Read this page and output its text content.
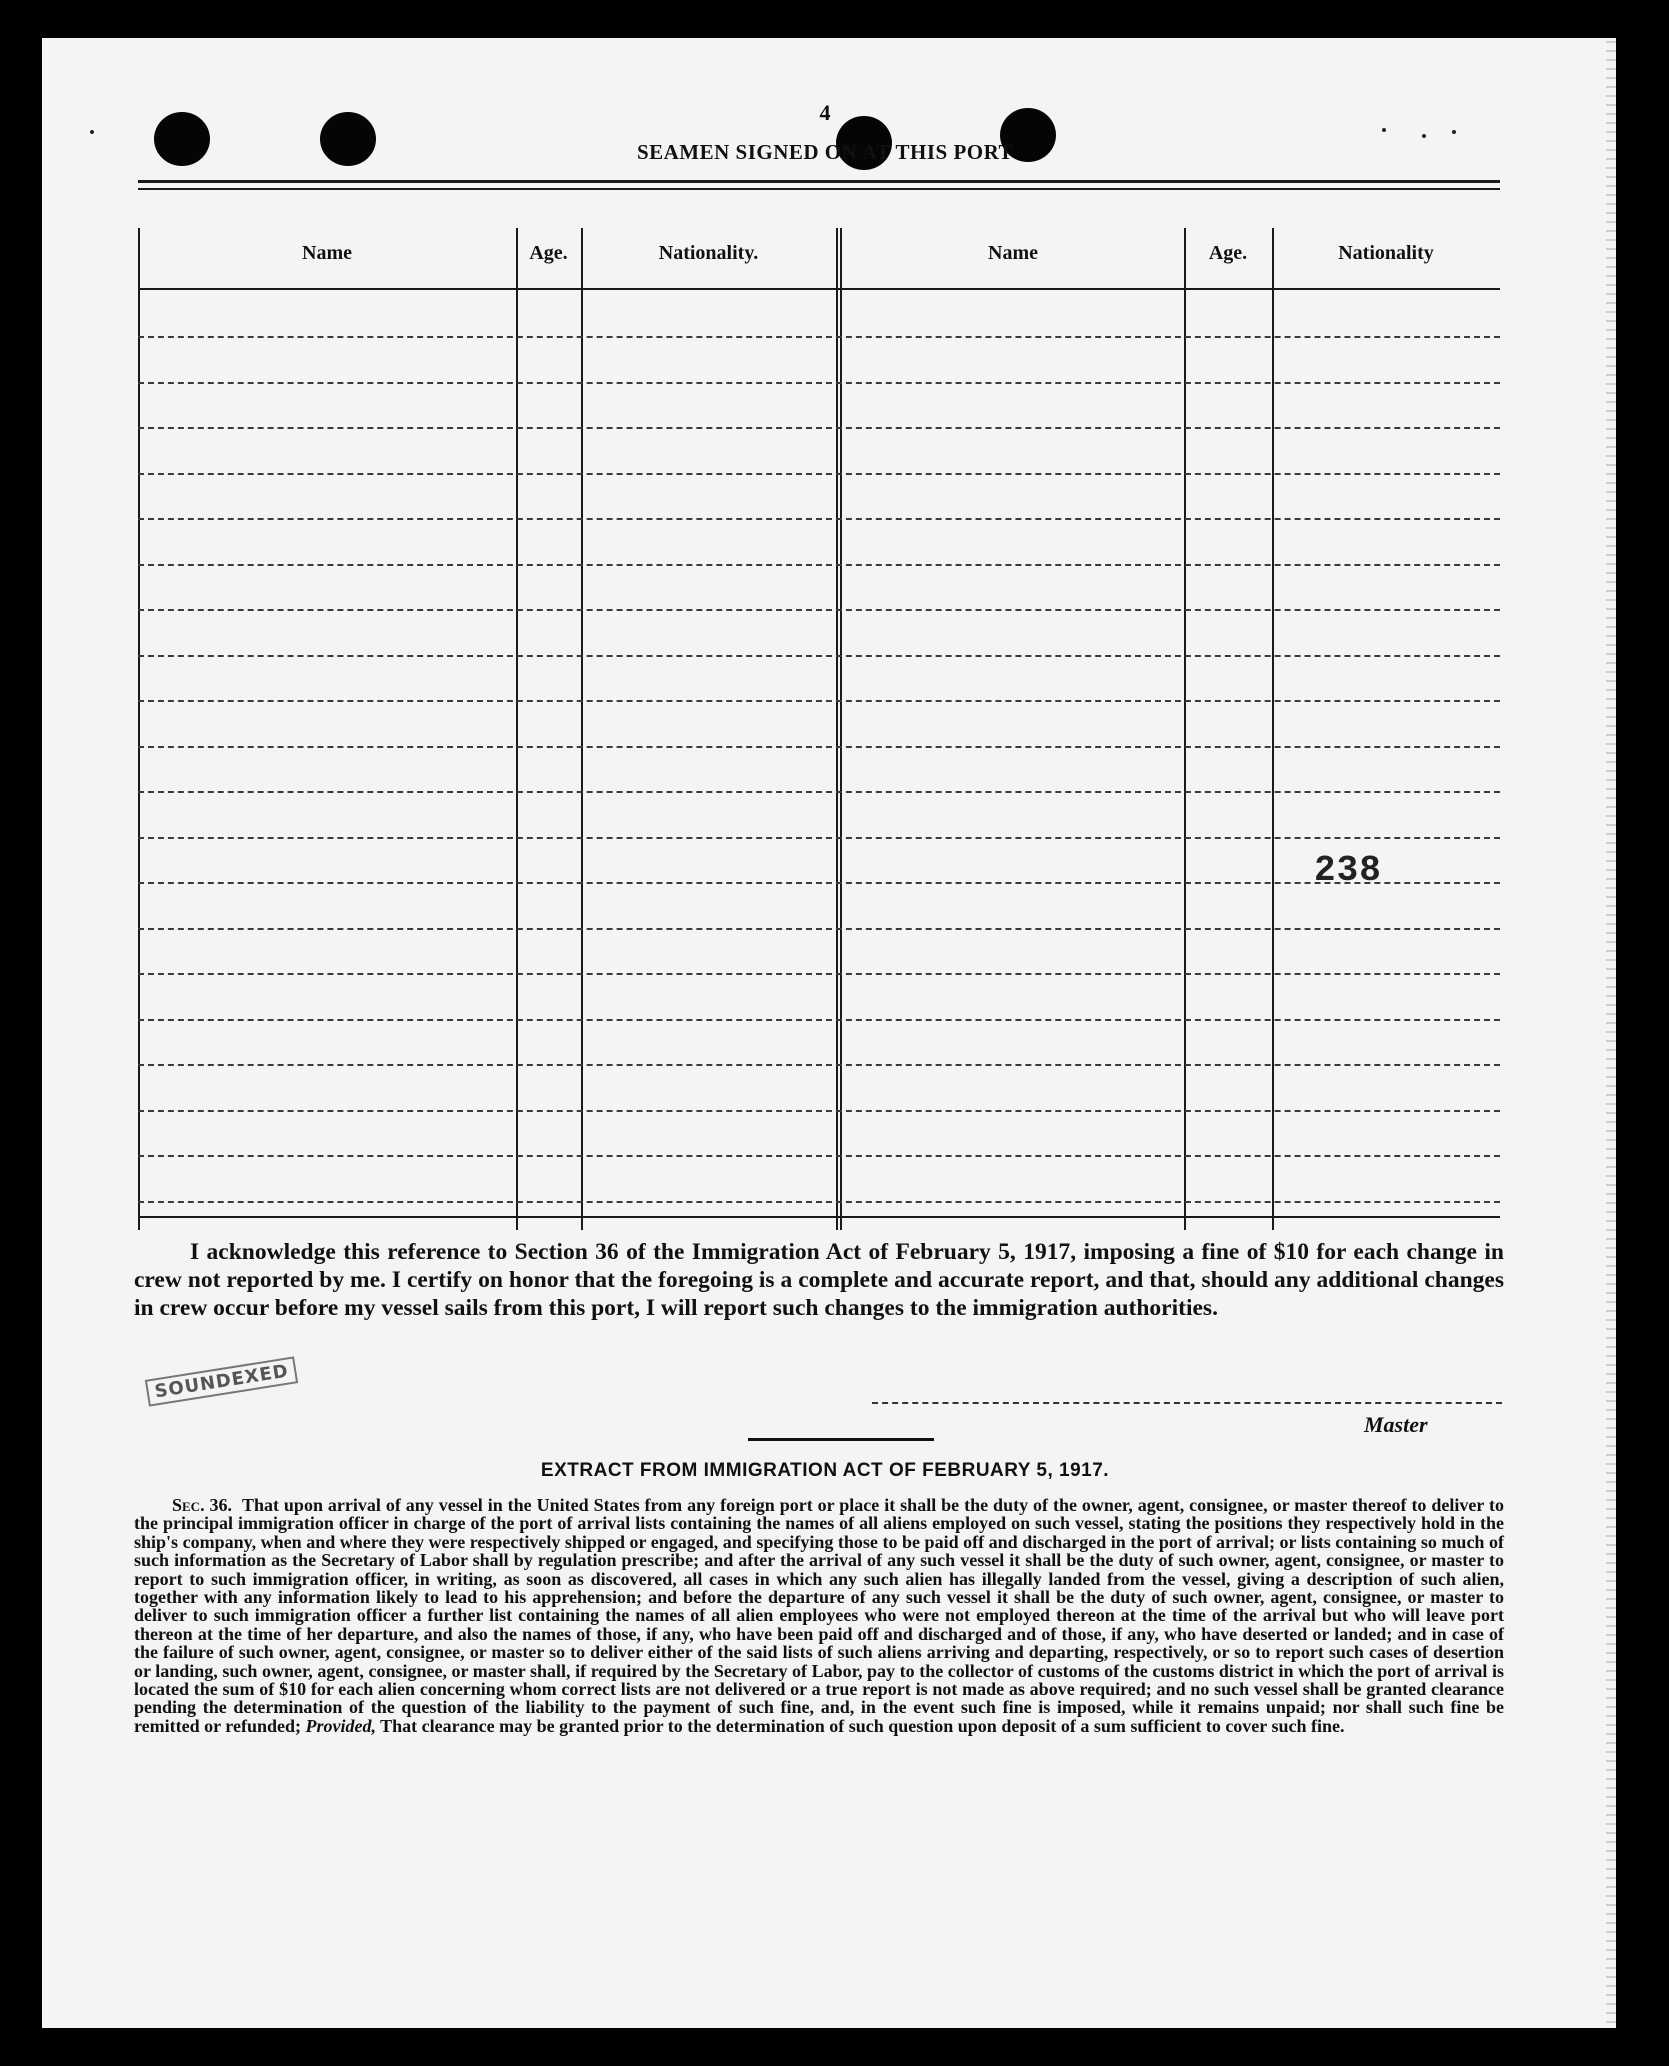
4
SEAMEN SIGNED ON AT THIS PORT
Name	Age.	Nationality.	Name	Age.	Nationality
238

I acknowledge this reference to Section 36 of the Immigration Act of February 5, 1917, imposing a fine of $10 for each change in crew not reported by me. I certify on honor that the foregoing is a complete and accurate report, and that, should any additional changes in crew occur before my vessel sails from this port, I will report such changes to the immigration authorities.

SOUNDEXED
Master
EXTRACT FROM IMMIGRATION ACT OF FEBRUARY 5, 1917.

Sec. 36. That upon arrival of any vessel in the United States from any foreign port or place it shall be the duty of the owner, agent, consignee, or master thereof to deliver to the principal immigration officer in charge of the port of arrival lists containing the names of all aliens employed on such vessel, stating the positions they respectively hold in the ship's company, when and where they were respectively shipped or engaged, and specifying those to be paid off and discharged in the port of arrival; or lists containing so much of such information as the Secretary of Labor shall by regulation prescribe; and after the arrival of any such vessel it shall be the duty of such owner, agent, consignee, or master to report to such immigration officer, in writing, as soon as discovered, all cases in which any such alien has illegally landed from the vessel, giving a description of such alien, together with any information likely to lead to his apprehension; and before the departure of any such vessel it shall be the duty of such owner, agent, consignee, or master to deliver to such immigration officer a further list containing the names of all alien employees who were not employed thereon at the time of the arrival but who will leave port thereon at the time of her departure, and also the names of those, if any, who have been paid off and discharged and of those, if any, who have deserted or landed; and in case of the failure of such owner, agent, consignee, or master so to deliver either of the said lists of such aliens arriving and departing, respectively, or so to report such cases of desertion or landing, such owner, agent, consignee, or master shall, if required by the Secretary of Labor, pay to the collector of customs of the customs district in which the port of arrival is located the sum of $10 for each alien concerning whom correct lists are not delivered or a true report is not made as above required; and no such vessel shall be granted clearance pending the determination of the question of the liability to the payment of such fine, and, in the event such fine is imposed, while it remains unpaid; nor shall such fine be remitted or refunded; Provided, That clearance may be granted prior to the determination of such question upon deposit of a sum sufficient to cover such fine.
